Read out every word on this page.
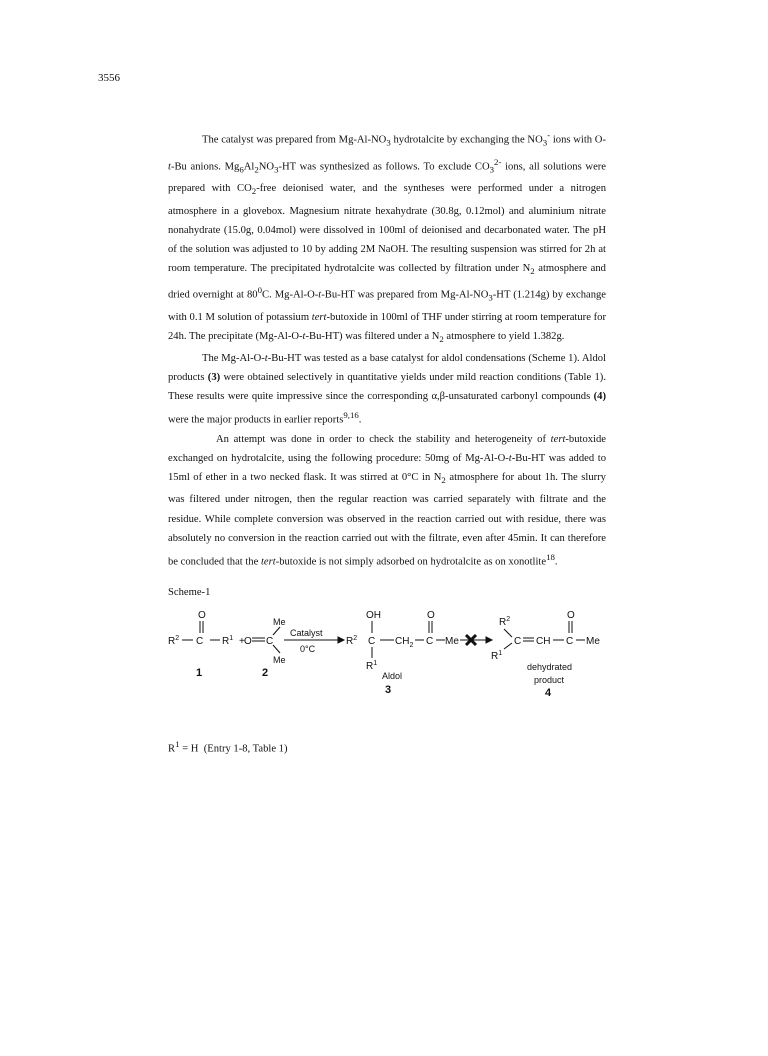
3556

The catalyst was prepared from $Mg-Al-NO_3$ hydrotalcite by exchanging the $NO_3^-$ ions with O-t-Bu anions. $Mg_6Al_2NO_3-HT$ was synthesized as follows. To exclude $CO_3^{2-}$ ions, all solutions were prepared with $CO_2$-free deionised water, and the syntheses were performed under a nitrogen atmosphere in a glovebox. Magnesium nitrate hexahydrate (30.8g, 0.12mol) and aluminium nitrate nonahydrate (15.0g, 0.04mol) were dissolved in 100ml of deionised and decarbonated water. The pH of the solution was adjusted to 10 by adding 2M NaOH. The resulting suspension was stirred for 2h at room temperature. The precipitated hydrotalcite was collected by filtration under $N_2$ atmosphere and dried overnight at $80^0C$. Mg-Al-O-t-Bu-HT was prepared from $Mg-Al-NO_3-HT$ (1.214g) by exchange with 0.1 M solution of potassium tert-butoxide in 100ml of THF under stirring at room temperature for 24h. The precipitate (Mg-Al-O-t-Bu-HT) was filtered under a $N_2$ atmosphere to yield 1.382g.

The Mg-Al-O-t-Bu-HT was tested as a base catalyst for aldol condensations (Scheme 1). Aldol products (3) were obtained selectively in quantitative yields under mild reaction conditions (Table 1). These results were quite impressive since the corresponding α,β-unsaturated carbonyl compounds (4) were the major products in earlier reports$^{9,16}$.

An attempt was done in order to check the stability and heterogeneity of tert-butoxide exchanged on hydrotalcite, using the following procedure: 50mg of Mg-Al-O-t-Bu-HT was added to 15ml of ether in a two necked flask. It was stirred at 0°C in $N_2$ atmosphere for about 1h. The slurry was filtered under nitrogen, then the regular reaction was carried separately with filtrate and the residue. While complete conversion was observed in the reaction carried out with residue, there was absolutely no conversion in the reaction carried out with the filtrate, even after 45min. It can therefore be concluded that the tert-butoxide is not simply adsorbed on hydrotalcite as on xonotlite$^{18}$.

Scheme-1
O
$R^2$ C $R^1 + O$ C
Me
Me
$R^2$
OH
C
$R^1$
$CH_2$
O
C Me
$R^2$
$R^1$
C CH
O
C Me
Catalyst
0°C
Aldol
dehydrated
product
1	2
3	4
$R^1 = H$  (Entry 1-8, Table 1)
